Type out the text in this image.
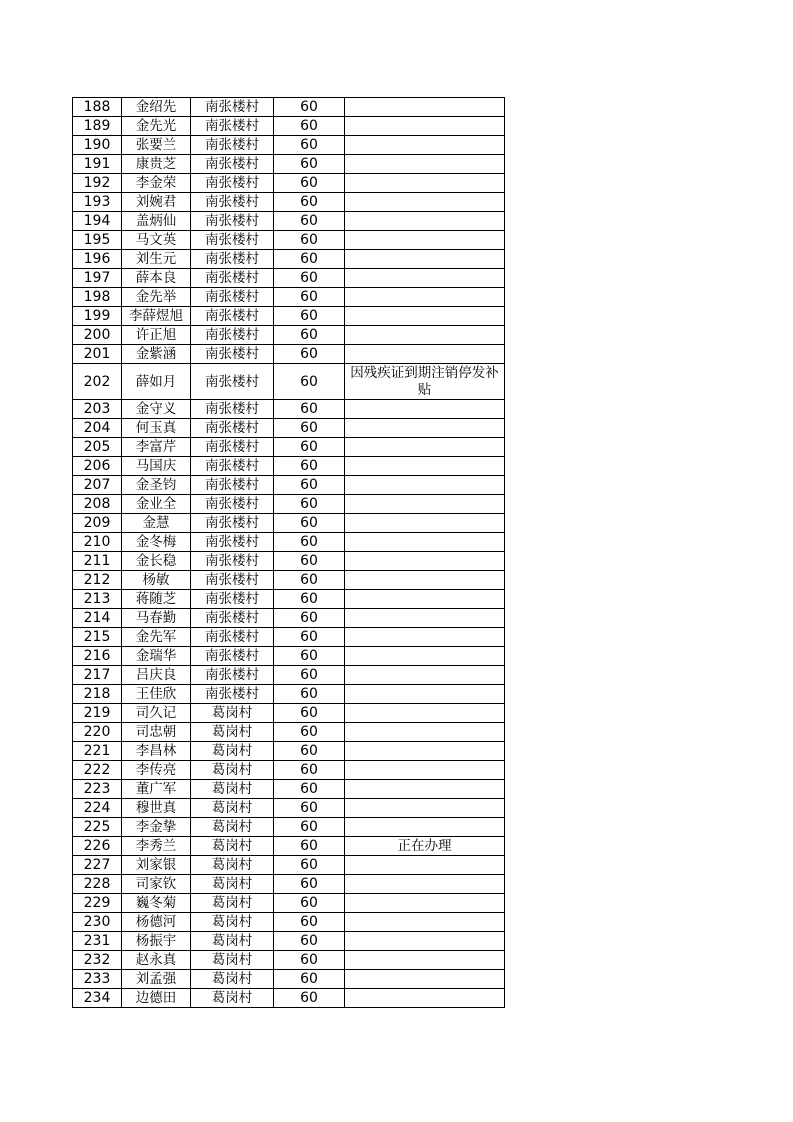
188	金绍先	南张楼村	60	
189	金先光	南张楼村	60	
190	张要兰	南张楼村	60	
191	康贵芝	南张楼村	60	
192	李金荣	南张楼村	60	
193	刘婉君	南张楼村	60	
194	盖炳仙	南张楼村	60	
195	马文英	南张楼村	60	
196	刘生元	南张楼村	60	
197	薛本良	南张楼村	60	
198	金先举	南张楼村	60	
199	李薛煜旭	南张楼村	60	
200	许正旭	南张楼村	60	
201	金紫涵	南张楼村	60	
202	薛如月	南张楼村	60	因残疾证到期注销停发补贴
203	金守义	南张楼村	60	
204	何玉真	南张楼村	60	
205	李富芹	南张楼村	60	
206	马国庆	南张楼村	60	
207	金圣钧	南张楼村	60	
208	金业全	南张楼村	60	
209	金慧	南张楼村	60	
210	金冬梅	南张楼村	60	
211	金长稳	南张楼村	60	
212	杨敏	南张楼村	60	
213	蒋随芝	南张楼村	60	
214	马春勤	南张楼村	60	
215	金先军	南张楼村	60	
216	金瑞华	南张楼村	60	
217	吕庆良	南张楼村	60	
218	王佳欣	南张楼村	60	
219	司久记	葛岗村	60	
220	司忠朝	葛岗村	60	
221	李昌林	葛岗村	60	
222	李传亮	葛岗村	60	
223	董广军	葛岗村	60	
224	穆世真	葛岗村	60	
225	李金挚	葛岗村	60	
226	李秀兰	葛岗村	60	正在办理
227	刘家银	葛岗村	60	
228	司家钦	葛岗村	60	
229	巍冬菊	葛岗村	60	
230	杨德河	葛岗村	60	
231	杨振宇	葛岗村	60	
232	赵永真	葛岗村	60	
233	刘孟强	葛岗村	60	
234	边德田	葛岗村	60	
